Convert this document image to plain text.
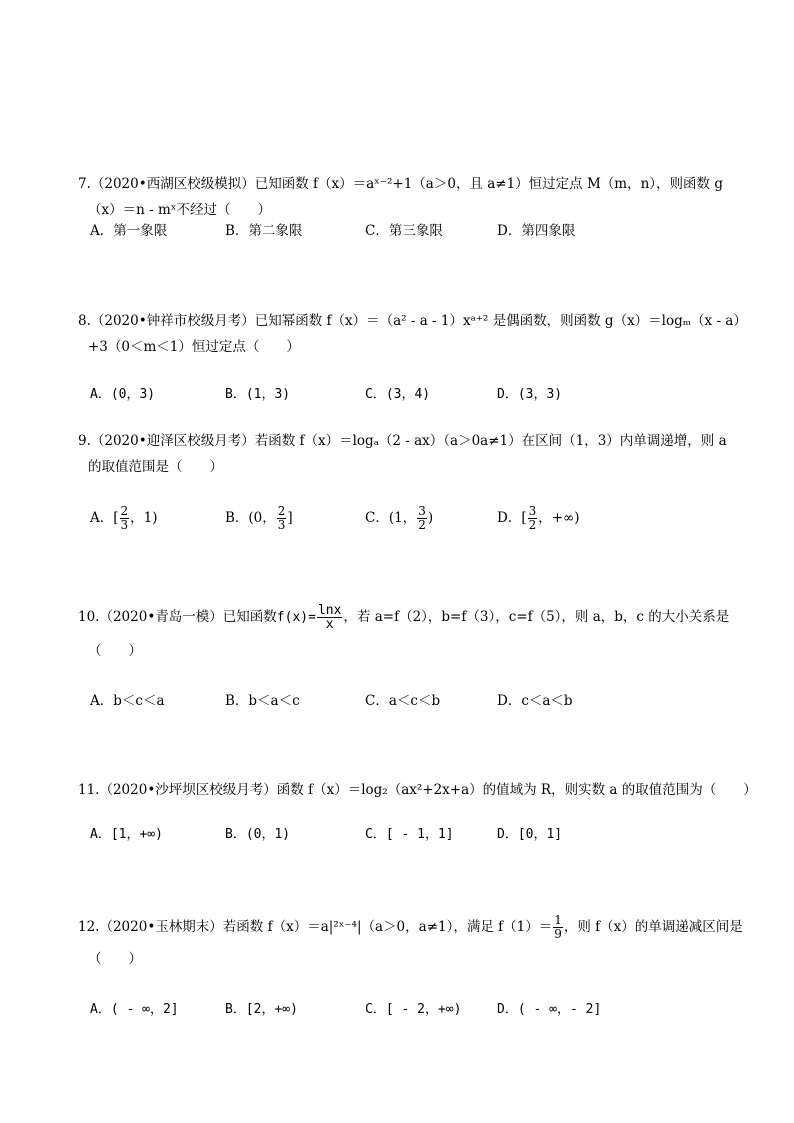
7.（2020•西湖区校级模拟）已知函数 f（x）＝aˣ⁻²+1（a＞0，且 a≠1）恒过定点 M（m，n），则函数 g
（x）＝n - mˣ不经过（　　）
A．第一象限	B．第二象限	C．第三象限	D．第四象限
8.（2020•钟祥市校级月考）已知幂函数 f（x）＝（a² - a - 1）xᵃ⁺² 是偶函数，则函数 g（x）＝logₘ（x - a）
+3（0＜m＜1）恒过定点（　　）
A．(0，3)	B．(1，3)	C．(3，4)	D．(3，3)
9.（2020•迎泽区校级月考）若函数 f（x）＝logₐ（2 - ax）（a＞0a≠1）在区间（1，3）内单调递增，则 a
的取值范围是（　　）
A．[ $\frac{2}{3}$ ，1)	B．(0， $\frac{2}{3}$ ]	C．(1， $\frac{3}{2}$ )	D．[ $\frac{3}{2}$ ，+∞)
10.（2020•青岛一模）已知函数$f(x)= \frac{\ln x}{x}$ ，若 a=f（2），b=f（3），c=f（5），则 a，b，c 的大小关系是
（　　）
A．b＜c＜a	B．b＜a＜c	C．a＜c＜b	D．c＜a＜b
11.（2020•沙坪坝区校级月考）函数 f（x）＝log₂（ax²+2x+a）的值域为 R，则实数 a 的取值范围为（　　）
A．[1，+∞)	B．(0，1)	C．[ - 1，1]	D．[0，1]
12.（2020•玉林期末）若函数 f（x）＝a|²ˣ⁻⁴|（a＞0，a≠1），满足 $f(1)= \frac{1}{9}$ ，则 f（x）的单调递减区间是
（　　）
A．( - ∞，2]	B．[2，+∞)	C．[ - 2，+∞)	D．( - ∞，- 2]
